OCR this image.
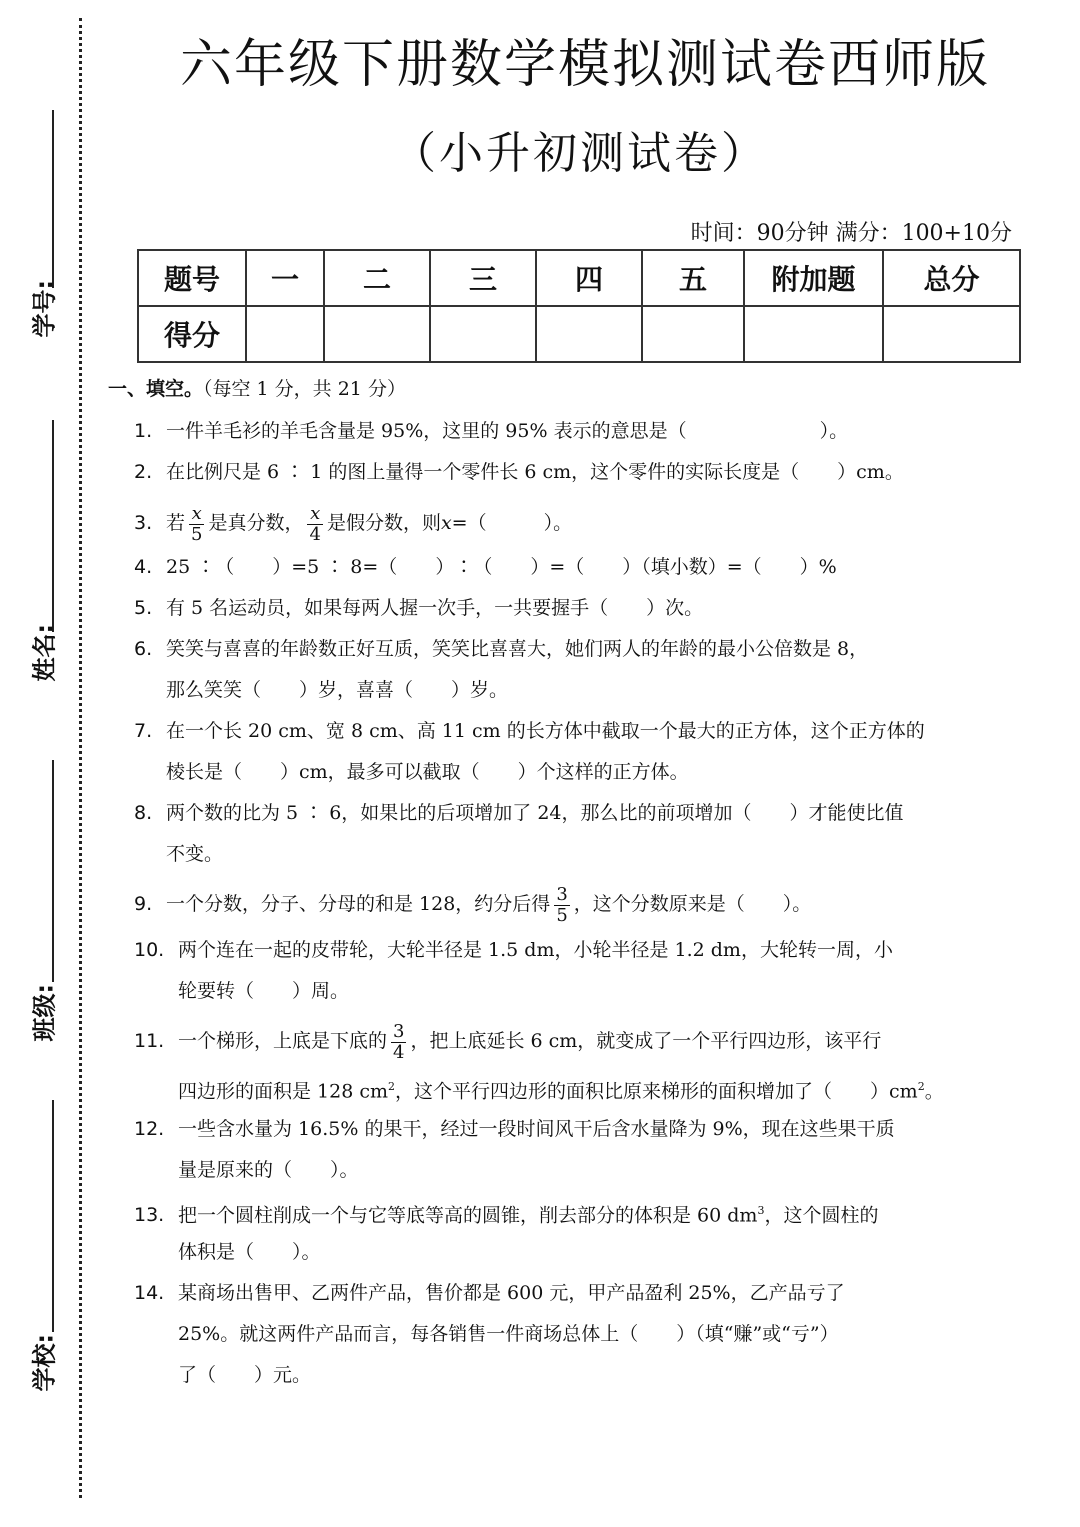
学号:
姓名:
班级:
学校:
六年级下册数学模拟测试卷西师版
（小升初测试卷）
时间：90分钟 满分：100+10分
题号	一	二	三	四	五	附加题	总分
得分							
一、填空。（每空 1 分，共 21 分）
1. 一件羊毛衫的羊毛含量是 95%，这里的 95% 表示的意思是（　　　　　　　）。
2. 在比例尺是 6 ∶ 1 的图上量得一个零件长 6 cm，这个零件的实际长度是（　　）cm。
3. 若 $\frac{x}{5}$ 是真分数， $\frac{x}{4}$ 是假分数，则x=（　　　）。
4. 25 ∶（　　）=5 ∶ 8=（　　）∶（　　）=（　　）（填小数）=（　　）%
5. 有 5 名运动员，如果每两人握一次手，一共要握手（　　）次。
6. 笑笑与喜喜的年龄数正好互质，笑笑比喜喜大，她们两人的年龄的最小公倍数是 8，
那么笑笑（　　）岁，喜喜（　　）岁。
7. 在一个长 20 cm、宽 8 cm、高 11 cm 的长方体中截取一个最大的正方体，这个正方体的
棱长是（　　）cm，最多可以截取（　　）个这样的正方体。
8. 两个数的比为 5 ∶ 6，如果比的后项增加了 24，那么比的前项增加（　　）才能使比值
不变。
9. 一个分数，分子、分母的和是 128，约分后得 $\frac{3}{5}$ ，这个分数原来是（　　）。
10. 两个连在一起的皮带轮，大轮半径是 1.5 dm，小轮半径是 1.2 dm，大轮转一周，小
轮要转（　　）周。
11. 一个梯形，上底是下底的 $\frac{3}{4}$ ，把上底延长 6 cm，就变成了一个平行四边形，该平行
四边形的面积是 128 $cm^2$，这个平行四边形的面积比原来梯形的面积增加了（　　）$cm^2$。
12. 一些含水量为 16.5% 的果干，经过一段时间风干后含水量降为 9%，现在这些果干质
量是原来的（　　）。
13. 把一个圆柱削成一个与它等底等高的圆锥，削去部分的体积是 60 $dm^3$，这个圆柱的
体积是（　　）。
14. 某商场出售甲、乙两件产品，售价都是 600 元，甲产品盈利 25%，乙产品亏了
25%。就这两件产品而言，每各销售一件商场总体上（　　）（填“赚”或“亏”）
了（　　）元。
